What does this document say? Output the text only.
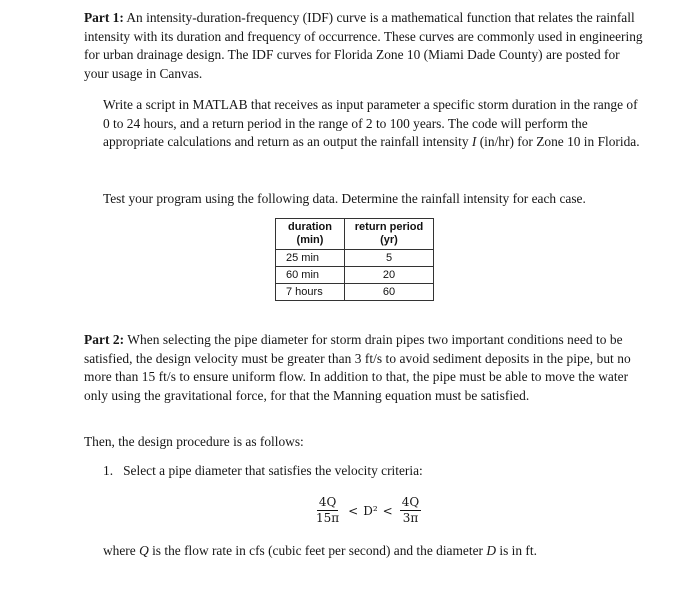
Part 1: An intensity-duration-frequency (IDF) curve is a mathematical function that relates the rainfall intensity with its duration and frequency of occurrence. These curves are commonly used in engineering for urban drainage design. The IDF curves for Florida Zone 10 (Miami Dade County) are posted for your usage in Canvas.

Write a script in MATLAB that receives as input parameter a specific storm duration in the range of 0 to 24 hours, and a return period in the range of 2 to 100 years. The code will perform the appropriate calculations and return as an output the rainfall intensity I (in/hr) for Zone 10 in Florida.

Test your program using the following data. Determine the rainfall intensity for each case.

duration (min)	return period (yr)
25 min	5
60 min	20
7 hours	60

Part 2: When selecting the pipe diameter for storm drain pipes two important conditions need to be satisfied, the design velocity must be greater than 3 ft/s to avoid sediment deposits in the pipe, but no more than 15 ft/s to ensure uniform flow. In addition to that, the pipe must be able to move the water only using the gravitational force, for that the Manning equation must be satisfied.

Then, the design procedure is as follows:

1. Select a pipe diameter that satisfies the velocity criteria:
$\frac{4Q}{15\pi} < D^2 < \frac{4Q}{3\pi}$
where Q is the flow rate in cfs (cubic feet per second) and the diameter D is in ft.
